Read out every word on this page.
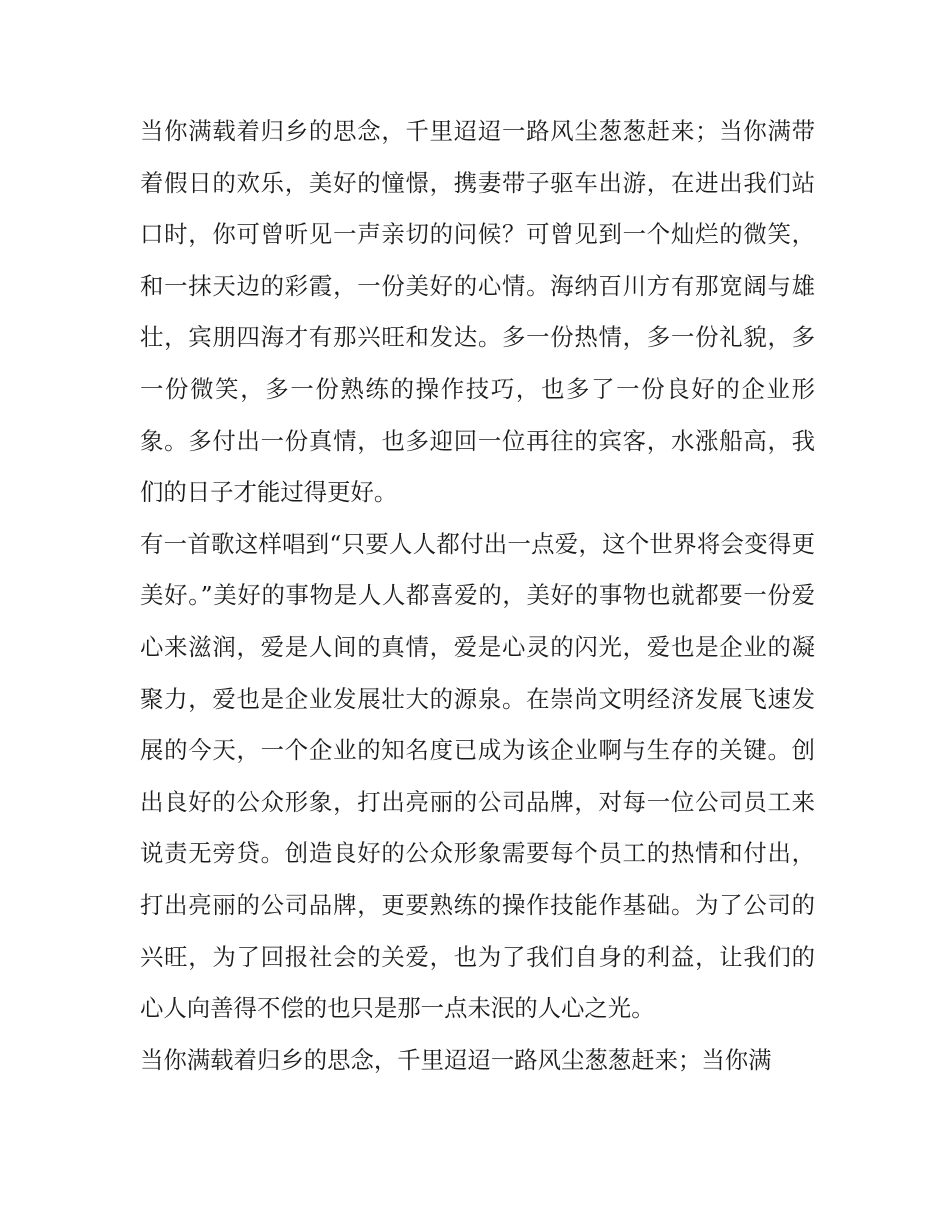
当你满载着归乡的思念，千里迢迢一路风尘葱葱赶来；当你满带着假日的欢乐，美好的憧憬，携妻带子驱车出游，在进出我们站口时，你可曾听见一声亲切的问候？可曾见到一个灿烂的微笑，和一抹天边的彩霞，一份美好的心情。海纳百川方有那宽阔与雄壮，宾朋四海才有那兴旺和发达。多一份热情，多一份礼貌，多一份微笑，多一份熟练的操作技巧，也多了一份良好的企业形象。多付出一份真情，也多迎回一位再往的宾客，水涨船高，我们的日子才能过得更好。

有一首歌这样唱到“只要人人都付出一点爱，这个世界将会变得更美好。”美好的事物是人人都喜爱的，美好的事物也就都要一份爱心来滋润，爱是人间的真情，爱是心灵的闪光，爱也是企业的凝聚力，爱也是企业发展壮大的源泉。在崇尚文明经济发展飞速发展的今天，一个企业的知名度已成为该企业啊与生存的关键。创出良好的公众形象，打出亮丽的公司品牌，对每一位公司员工来说责无旁贷。创造良好的公众形象需要每个员工的热情和付出，打出亮丽的公司品牌，更要熟练的操作技能作基础。为了公司的兴旺，为了回报社会的关爱，也为了我们自身的利益，让我们的心人向善得不偿的也只是那一点未泯的人心之光。

当你满载着归乡的思念，千里迢迢一路风尘葱葱赶来；当你满
